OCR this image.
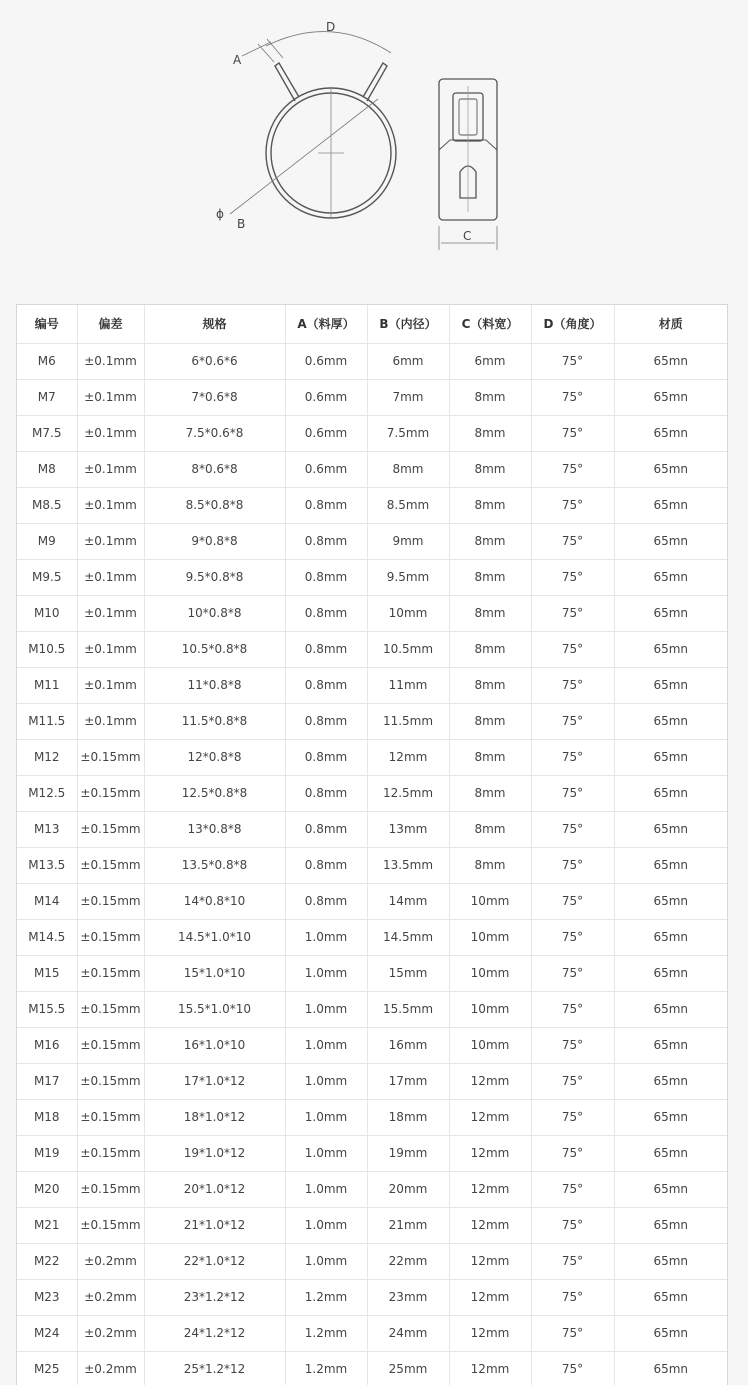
D
A
ϕ
B
C
编号	偏差	规格	A（料厚）	B（内径）	C（料宽）	D（角度）	材质
M6	±0.1mm	6*0.6*6	0.6mm	6mm	6mm	75°	65mn
M7	±0.1mm	7*0.6*8	0.6mm	7mm	8mm	75°	65mn
M7.5	±0.1mm	7.5*0.6*8	0.6mm	7.5mm	8mm	75°	65mn
M8	±0.1mm	8*0.6*8	0.6mm	8mm	8mm	75°	65mn
M8.5	±0.1mm	8.5*0.8*8	0.8mm	8.5mm	8mm	75°	65mn
M9	±0.1mm	9*0.8*8	0.8mm	9mm	8mm	75°	65mn
M9.5	±0.1mm	9.5*0.8*8	0.8mm	9.5mm	8mm	75°	65mn
M10	±0.1mm	10*0.8*8	0.8mm	10mm	8mm	75°	65mn
M10.5	±0.1mm	10.5*0.8*8	0.8mm	10.5mm	8mm	75°	65mn
M11	±0.1mm	11*0.8*8	0.8mm	11mm	8mm	75°	65mn
M11.5	±0.1mm	11.5*0.8*8	0.8mm	11.5mm	8mm	75°	65mn
M12	±0.15mm	12*0.8*8	0.8mm	12mm	8mm	75°	65mn
M12.5	±0.15mm	12.5*0.8*8	0.8mm	12.5mm	8mm	75°	65mn
M13	±0.15mm	13*0.8*8	0.8mm	13mm	8mm	75°	65mn
M13.5	±0.15mm	13.5*0.8*8	0.8mm	13.5mm	8mm	75°	65mn
M14	±0.15mm	14*0.8*10	0.8mm	14mm	10mm	75°	65mn
M14.5	±0.15mm	14.5*1.0*10	1.0mm	14.5mm	10mm	75°	65mn
M15	±0.15mm	15*1.0*10	1.0mm	15mm	10mm	75°	65mn
M15.5	±0.15mm	15.5*1.0*10	1.0mm	15.5mm	10mm	75°	65mn
M16	±0.15mm	16*1.0*10	1.0mm	16mm	10mm	75°	65mn
M17	±0.15mm	17*1.0*12	1.0mm	17mm	12mm	75°	65mn
M18	±0.15mm	18*1.0*12	1.0mm	18mm	12mm	75°	65mn
M19	±0.15mm	19*1.0*12	1.0mm	19mm	12mm	75°	65mn
M20	±0.15mm	20*1.0*12	1.0mm	20mm	12mm	75°	65mn
M21	±0.15mm	21*1.0*12	1.0mm	21mm	12mm	75°	65mn
M22	±0.2mm	22*1.0*12	1.0mm	22mm	12mm	75°	65mn
M23	±0.2mm	23*1.2*12	1.2mm	23mm	12mm	75°	65mn
M24	±0.2mm	24*1.2*12	1.2mm	24mm	12mm	75°	65mn
M25	±0.2mm	25*1.2*12	1.2mm	25mm	12mm	75°	65mn
